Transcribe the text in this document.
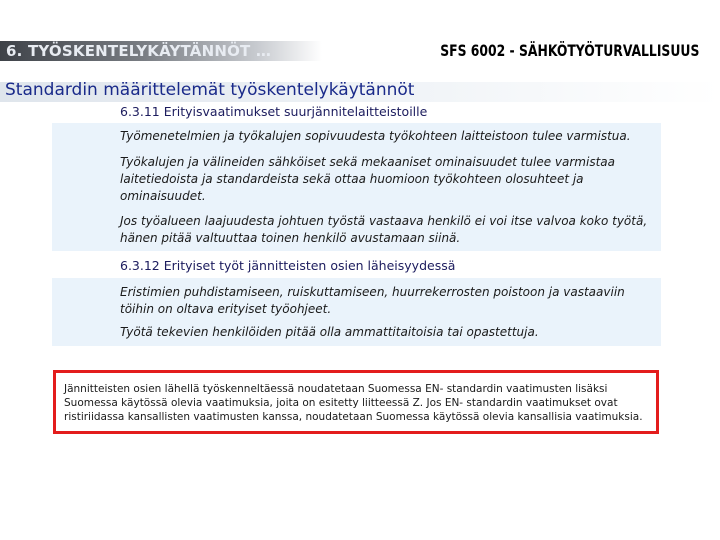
6. TYÖSKENTELYKÄYTÄNNÖT …	SFS 6002 - SÄHKÖTYÖTURVALLISUUS
Standardin määrittelemät työskentelykäytännöt
6.3.11 Erityisvaatimukset suurjännitelaitteistoille
Työmenetelmien ja työkalujen sopivuudesta työkohteen laitteistoon tulee varmistua.
Työkalujen ja välineiden sähköiset sekä mekaaniset ominaisuudet tulee varmistaa laitetiedoista ja standardeista sekä ottaa huomioon työkohteen olosuhteet ja ominaisuudet.
Jos työalueen laajuudesta johtuen työstä vastaava henkilö ei voi itse valvoa koko työtä, hänen pitää valtuuttaa toinen henkilö avustamaan siinä.
6.3.12 Erityiset työt jännitteisten osien läheisyydessä
Eristimien puhdistamiseen, ruiskuttamiseen, huurrekerrosten poistoon ja vastaaviin töihin on oltava erityiset työohjeet.
Työtä tekevien henkilöiden pitää olla ammattitaitoisia tai opastettuja.
Jännitteisten osien lähellä työskenneltäessä noudatetaan Suomessa EN- standardin vaatimusten lisäksi Suomessa käytössä olevia vaatimuksia, joita on esitetty liitteessä Z. Jos EN- standardin vaatimukset ovat ristiriidassa kansallisten vaatimusten kanssa, noudatetaan Suomessa käytössä olevia kansallisia vaatimuksia.
